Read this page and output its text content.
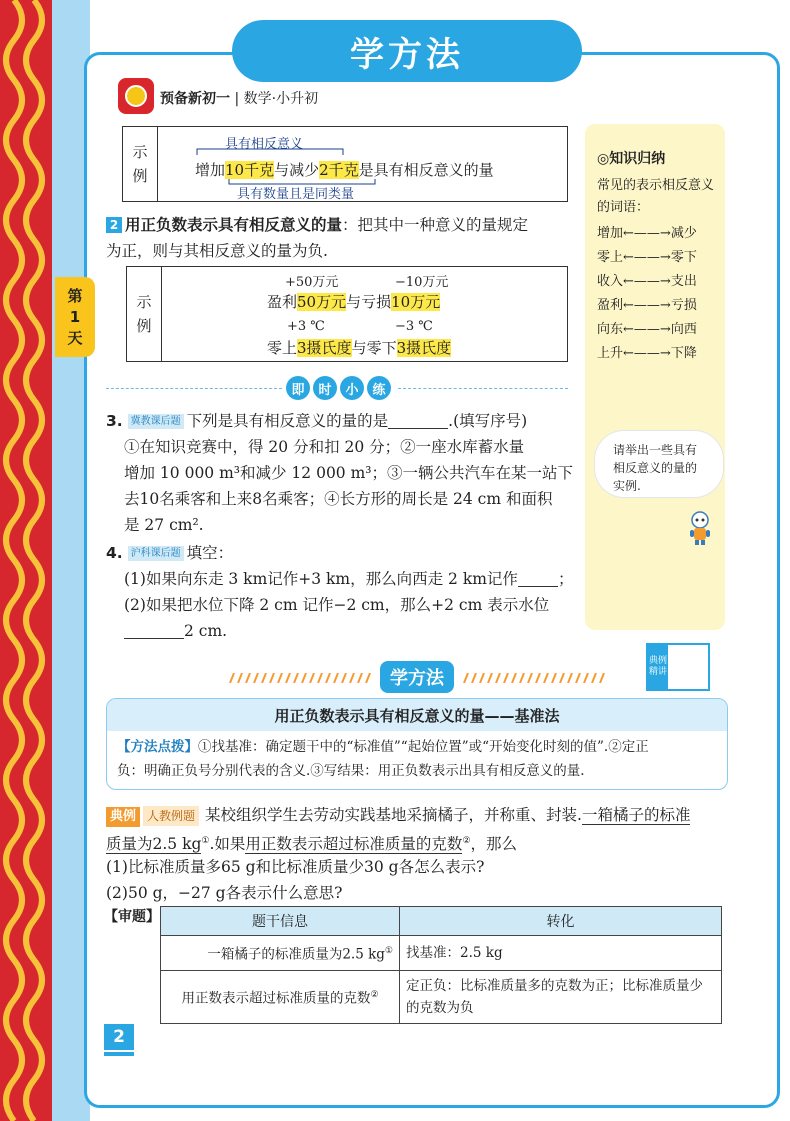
学方法
预备新初一 | 数学·小升初
第
1
天
示
例
具有相反意义
增加10千克与减少2千克是具有相反意义的量
具有数量且是同类量
2 用正负数表示具有相反意义的量：把其中一种意义的量规定
为正，则与其相反意义的量为负.
示
例
+50万元	−10万元
盈利50万元与亏损10万元
+3 ℃	−3 ℃
零上3摄氏度与零下3摄氏度
◎知识归纳
常见的表示相反意义
的词语：
增加←——→减少
零上←——→零下
收入←——→支出
盈利←——→亏损
向东←——→向西
上升←——→下降
请举出一些具有
相反意义的量的
实例.
即	时	小	练
3. 冀教课后题 下列是具有相反意义的量的是	.(填写序号)
①在知识竞赛中，得 20 分和扣 20 分；②一座水库蓄水量
增加 10 000 m³和减少 12 000 m³；③一辆公共汽车在某一站下
去10名乘客和上来8名乘客；④长方形的周长是 24 cm 和面积
是 27 cm².
4. 沪科课后题 填空：
(1)如果向东走 3 km记作+3 km，那么向西走 2 km记作	；
(2)如果把水位下降 2 cm 记作−2 cm，那么+2 cm 表示水位
2 cm.
学方法
典例
精讲
用正负数表示具有相反意义的量——基准法
【方法点拨】①找基准：确定题干中的“标准值”“起始位置”或“开始变化时刻的值”.②定正
负：明确正负号分别代表的含义.③写结果：用正负数表示出具有相反意义的量.
典例 人教例题 某校组织学生去劳动实践基地采摘橘子，并称重、封装.一箱橘子的标准
质量为2.5 kg①.如果用正数表示超过标准质量的克数②，那么
(1)比标准质量多65 g和比标准质量少30 g各怎么表示?
(2)50 g，−27 g各表示什么意思?
【审题】	题干信息	转化
一箱橘子的标准质量为2.5 kg①	找基准：2.5 kg
用正数表示超过标准质量的克数②	定正负：比标准质量多的克数为正；比标准质量少的克数为负
2
